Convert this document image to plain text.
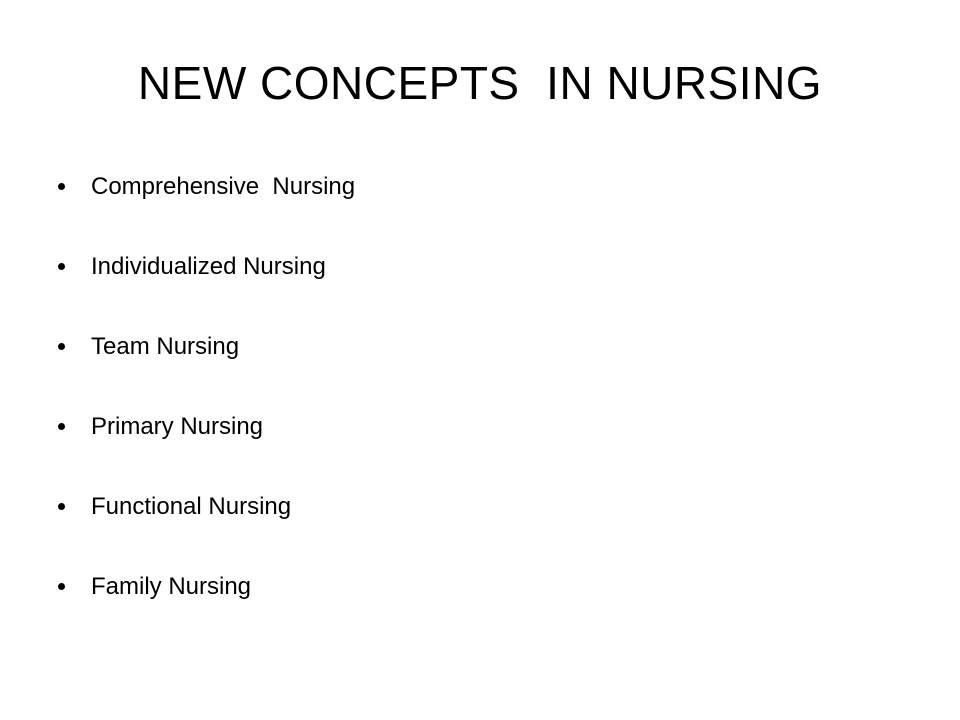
NEW CONCEPTS  IN NURSING
Comprehensive  Nursing
Individualized Nursing
Team Nursing
Primary Nursing
Functional Nursing
Family Nursing
